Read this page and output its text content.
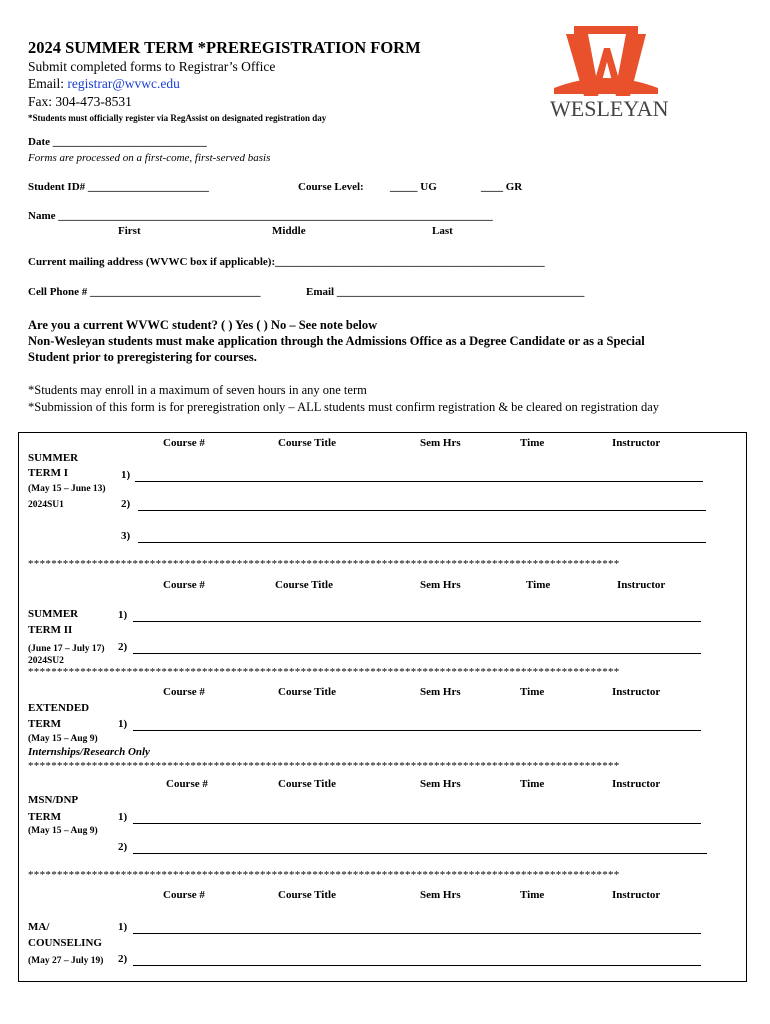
2024 SUMMER TERM *PREREGISTRATION FORM
Submit completed forms to Registrar’s Office
Email: registrar@wvwc.edu
Fax: 304-473-8531
*Students must officially register via RegAssist on designated registration day	WESLEYAN
Date ____________________________
Forms are processed on a first-come, first-served basis
Student ID# ______________________	Course Level: _____ UG	____ GR
Name _______________________________________________________________________________
First	Middle	Last
Current mailing address (WVWC box if applicable):_________________________________________________
Cell Phone # _______________________________	Email _____________________________________________
Are you a current WVWC student? ( ) Yes ( ) No – See note below
Non-Wesleyan students must make application through the Admissions Office as a Degree Candidate or as a Special
Student prior to preregistering for courses.
*Students may enroll in a maximum of seven hours in any one term
*Submission of this form is for preregistration only – ALL students must confirm registration & be cleared on registration day
Course #	Course Title	Sem Hrs	Time	Instructor
SUMMER
TERM I
(May 15 – June 13)
2024SU1
1)
2)
3)
******************************************************************************************************
Course #	Course Title	Sem Hrs	Time	Instructor
SUMMER
TERM II
(June 17 – July 17)
2024SU2
1)
2)
******************************************************************************************************
Course #	Course Title	Sem Hrs	Time	Instructor
EXTENDED
TERM
(May 15 – Aug 9)
Internships/Research Only
1)
******************************************************************************************************
Course #	Course Title	Sem Hrs	Time	Instructor
MSN/DNP
TERM
(May 15 – Aug 9)
1)
2)
******************************************************************************************************
Course #	Course Title	Sem Hrs	Time	Instructor
MA/
COUNSELING
(May 27 – July 19)
1)
2)
